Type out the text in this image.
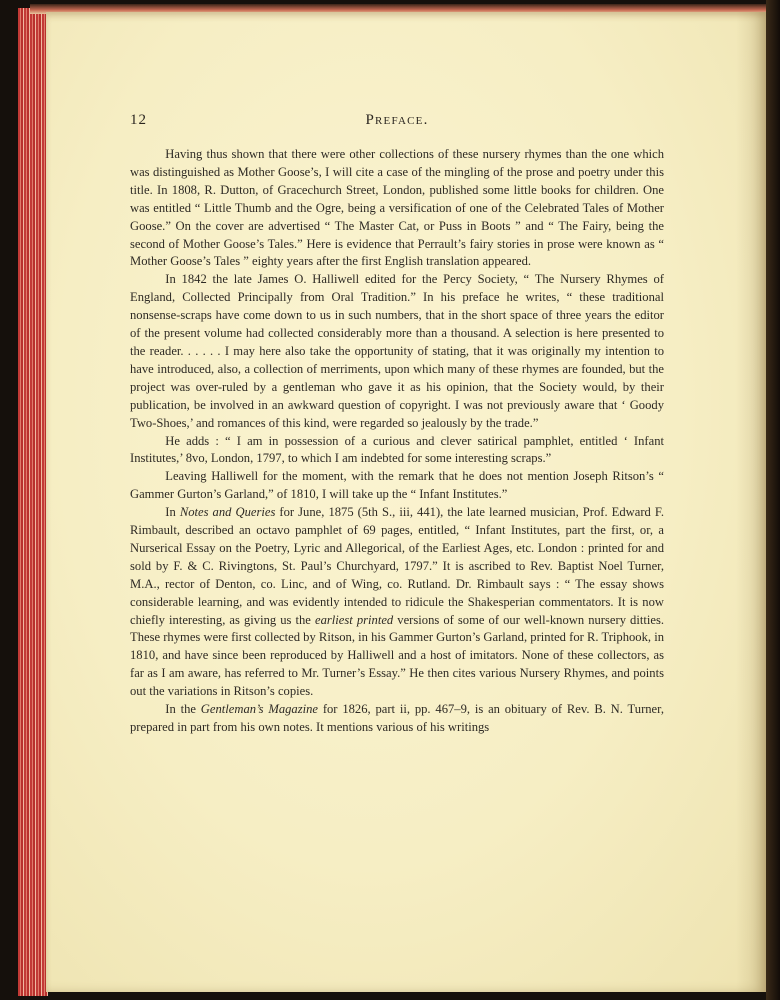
12	Preface.

Having thus shown that there were other collections of these nursery rhymes than the one which was distinguished as Mother Goose’s, I will cite a case of the mingling of the prose and poetry under this title. In 1808, R. Dutton, of Gracechurch Street, London, published some little books for children. One was entitled “ Little Thumb and the Ogre, being a versification of one of the Celebrated Tales of Mother Goose.” On the cover are advertised “ The Master Cat, or Puss in Boots ” and “ The Fairy, being the second of Mother Goose’s Tales.” Here is evidence that Perrault’s fairy stories in prose were known as “ Mother Goose’s Tales ” eighty years after the first English translation appeared.

In 1842 the late James O. Halliwell edited for the Percy Society, “ The Nursery Rhymes of England, Collected Principally from Oral Tradition.” In his preface he writes, “ these traditional nonsense-scraps have come down to us in such numbers, that in the short space of three years the editor of the present volume had collected considerably more than a thousand. A selection is here presented to the reader. . . . . . I may here also take the opportunity of stating, that it was originally my intention to have introduced, also, a collection of merriments, upon which many of these rhymes are founded, but the project was over-ruled by a gentleman who gave it as his opinion, that the Society would, by their publication, be involved in an awkward question of copyright. I was not previously aware that ‘ Goody Two-Shoes,’ and romances of this kind, were regarded so jealously by the trade.”

He adds : “ I am in possession of a curious and clever satirical pamphlet, entitled ‘ Infant Institutes,’ 8vo, London, 1797, to which I am indebted for some interesting scraps.”

Leaving Halliwell for the moment, with the remark that he does not mention Joseph Ritson’s “ Gammer Gurton’s Garland,” of 1810, I will take up the “ Infant Institutes.”

In Notes and Queries for June, 1875 (5th S., iii, 441), the late learned musician, Prof. Edward F. Rimbault, described an octavo pamphlet of 69 pages, entitled, “ Infant Institutes, part the first, or, a Nurserical Essay on the Poetry, Lyric and Allegorical, of the Earliest Ages, etc. London : printed for and sold by F. & C. Rivingtons, St. Paul’s Churchyard, 1797.” It is ascribed to Rev. Baptist Noel Turner, M.A., rector of Denton, co. Linc, and of Wing, co. Rutland. Dr. Rimbault says : “ The essay shows considerable learning, and was evidently intended to ridicule the Shakesperian commentators. It is now chiefly interesting, as giving us the earliest printed versions of some of our well-known nursery ditties. These rhymes were first collected by Ritson, in his Gammer Gurton’s Garland, printed for R. Triphook, in 1810, and have since been reproduced by Halliwell and a host of imitators. None of these collectors, as far as I am aware, has referred to Mr. Turner’s Essay.” He then cites various Nursery Rhymes, and points out the variations in Ritson’s copies.

In the Gentleman’s Magazine for 1826, part ii, pp. 467–9, is an obituary of Rev. B. N. Turner, prepared in part from his own notes. It mentions various of his writings
